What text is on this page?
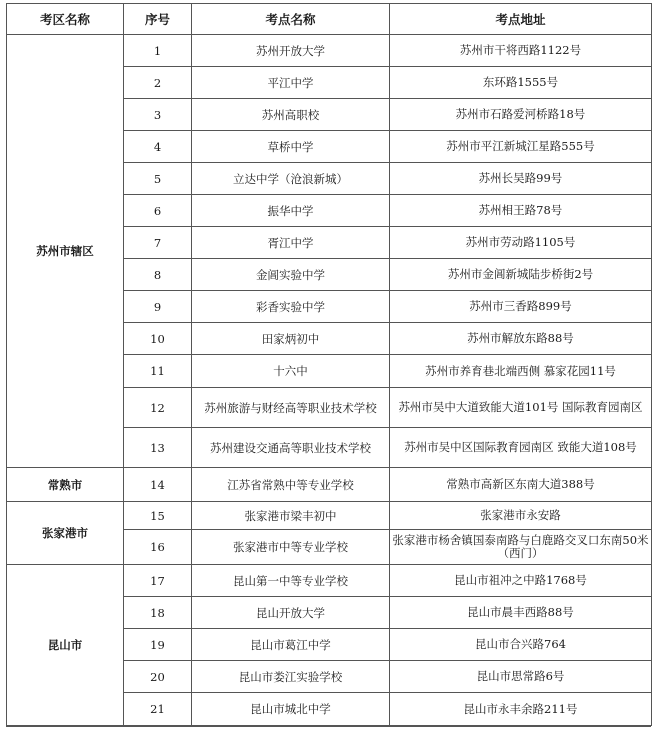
考区名称	序号	考点名称	考点地址
苏州市辖区	1	苏州开放大学	苏州市干将西路1122号
	2	平江中学	东环路1555号
	3	苏州高职校	苏州市石路爱河桥路18号
	4	草桥中学	苏州市平江新城江星路555号
	5	立达中学（沧浪新城）	苏州长吴路99号
	6	振华中学	苏州相王路78号
	7	胥江中学	苏州市劳动路1105号
	8	金阊实验中学	苏州市金阊新城陆步桥街2号
	9	彩香实验中学	苏州市三香路899号
	10	田家炳初中	苏州市解放东路88号
	11	十六中	苏州市养育巷北端西侧 慕家花园11号
	12	苏州旅游与财经高等职业技术学校	苏州市吴中大道致能大道101号 国际教育园南区
	13	苏州建设交通高等职业技术学校	苏州市吴中区国际教育园南区 致能大道108号
常熟市	14	江苏省常熟中等专业学校	常熟市高新区东南大道388号
张家港市	15	张家港市梁丰初中	张家港市永安路
	16	张家港市中等专业学校	张家港市杨舍镇国泰南路与白鹿路交叉口东南50米（西门）
昆山市	17	昆山第一中等专业学校	昆山市祖冲之中路1768号
	18	昆山开放大学	昆山市晨丰西路88号
	19	昆山市葛江中学	昆山市合兴路764
	20	昆山市娄江实验学校	昆山市思常路6号
	21	昆山市城北中学	昆山市永丰余路211号
